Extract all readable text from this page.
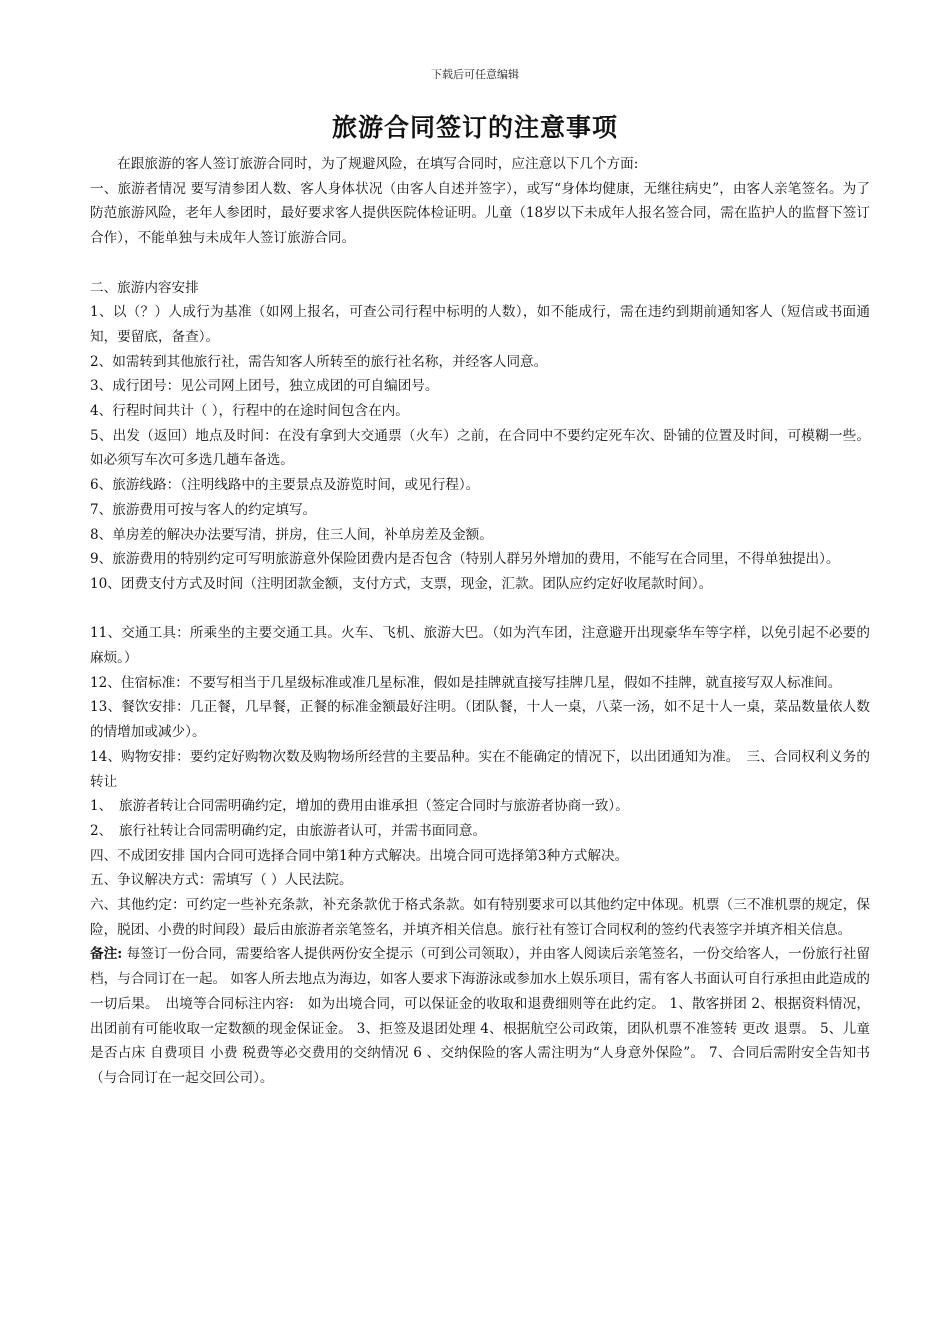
下载后可任意编辑
旅游合同签订的注意事项

在跟旅游的客人签订旅游合同时，为了规避风险，在填写合同时，应注意以下几个方面:

一、旅游者情况 要写清参团人数、客人身体状况（由客人自述并签字），或写“身体均健康，无继往病史”，由客人亲笔签名。为了防范旅游风险，老年人参团时，最好要求客人提供医院体检证明。儿童（18岁以下未成年人报名签合同，需在监护人的监督下签订合作），不能单独与未成年人签订旅游合同。

二、旅游内容安排

1、以（？）人成行为基准（如网上报名，可查公司行程中标明的人数），如不能成行，需在违约到期前通知客人（短信或书面通知，要留底，备查）。

2、如需转到其他旅行社，需告知客人所转至的旅行社名称，并经客人同意。

3、成行团号：见公司网上团号，独立成团的可自编团号。

4、行程时间共计（ ），行程中的在途时间包含在内。

5、出发（返回）地点及时间：在没有拿到大交通票（火车）之前，在合同中不要约定死车次、卧铺的位置及时间，可模糊一些。如必须写车次可多选几趟车备选。

6、旅游线路：（注明线路中的主要景点及游览时间，或见行程）。

7、旅游费用可按与客人的约定填写。

8、单房差的解决办法要写清，拼房，住三人间，补单房差及金额。

9、旅游费用的特别约定可写明旅游意外保险团费内是否包含（特别人群另外增加的费用，不能写在合同里，不得单独提出）。

10、团费支付方式及时间（注明团款金额，支付方式，支票，现金，汇款。团队应约定好收尾款时间）。

11、交通工具：所乘坐的主要交通工具。火车、飞机、旅游大巴。（如为汽车团，注意避开出现豪华车等字样，以免引起不必要的麻烦。）

12、住宿标准：不要写相当于几星级标准或准几星标准，假如是挂牌就直接写挂牌几星，假如不挂牌，就直接写双人标准间。

13、餐饮安排：几正餐，几早餐，正餐的标准金额最好注明。（团队餐，十人一桌，八菜一汤，如不足十人一桌，菜品数量依人数的情增加或减少）。

14、购物安排：要约定好购物次数及购物场所经营的主要品种。实在不能确定的情况下，以出团通知为准。　三、合同权利义务的转让

1、　旅游者转让合同需明确约定，增加的费用由谁承担（签定合同时与旅游者协商一致）。

2、　旅行社转让合同需明确约定，由旅游者认可，并需书面同意。

四、不成团安排 国内合同可选择合同中第1种方式解决。出境合同可选择第3种方式解决。

五、争议解决方式：需填写（ ）人民法院。

六、其他约定：可约定一些补充条款，补充条款优于格式条款。如有特别要求可以其他约定中体现。机票（三不准机票的规定，保险，脱团、小费的时间段）最后由旅游者亲笔签名，并填齐相关信息。旅行社有签订合同权利的签约代表签字并填齐相关信息。

备注: 每签订一份合同，需要给客人提供两份安全提示（可到公司领取），并由客人阅读后亲笔签名，一份交给客人，一份旅行社留档，与合同订在一起。 如客人所去地点为海边，如客人要求下海游泳或参加水上娱乐项目，需有客人书面认可自行承担由此造成的一切后果。　出境等合同标注内容:　如为出境合同，可以保证金的收取和退费细则等在此约定。 1、散客拼团 2、根据资料情况，出团前有可能收取一定数额的现金保证金。 3、拒签及退团处理 4、根据航空公司政策，团队机票不准签转 更改 退票。 5、儿童是否占床 自费项目 小费 税费等必交费用的交纳情况 6 、交纳保险的客人需注明为“人身意外保险”。 7、合同后需附安全告知书（与合同订在一起交回公司）。
